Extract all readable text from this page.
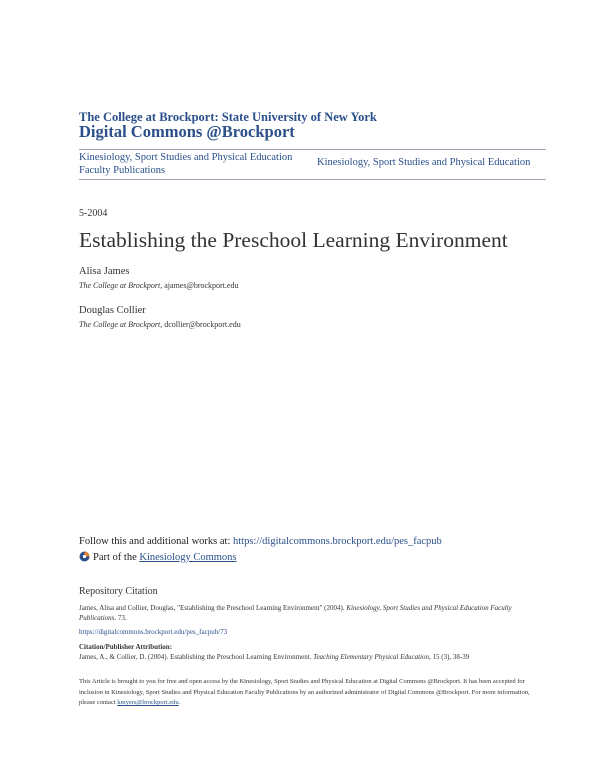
The College at Brockport: State University of New York
Digital Commons @Brockport
Kinesiology, Sport Studies and Physical Education Faculty Publications
Kinesiology, Sport Studies and Physical Education
5-2004
Establishing the Preschool Learning Environment
Alisa James
The College at Brockport, ajames@brockport.edu
Douglas Collier
The College at Brockport, dcollier@brockport.edu
Follow this and additional works at: https://digitalcommons.brockport.edu/pes_facpub
Part of the Kinesiology Commons
Repository Citation
James, Alisa and Collier, Douglas, "Establishing the Preschool Learning Environment" (2004). Kinesiology, Sport Studies and Physical Education Faculty Publications. 73.
https://digitalcommons.brockport.edu/pes_facpub/73
Citation/Publisher Attribution:
James, A., & Collier, D. (2004). Establishing the Preschool Learning Environment. Teaching Elementary Physical Education, 15 (3), 38-39
This Article is brought to you for free and open access by the Kinesiology, Sport Studies and Physical Education at Digital Commons @Brockport. It has been accepted for inclusion in Kinesiology, Sport Studies and Physical Education Faculty Publications by an authorized administrator of Digital Commons @Brockport. For more information, please contact kmyers@brockport.edu.
